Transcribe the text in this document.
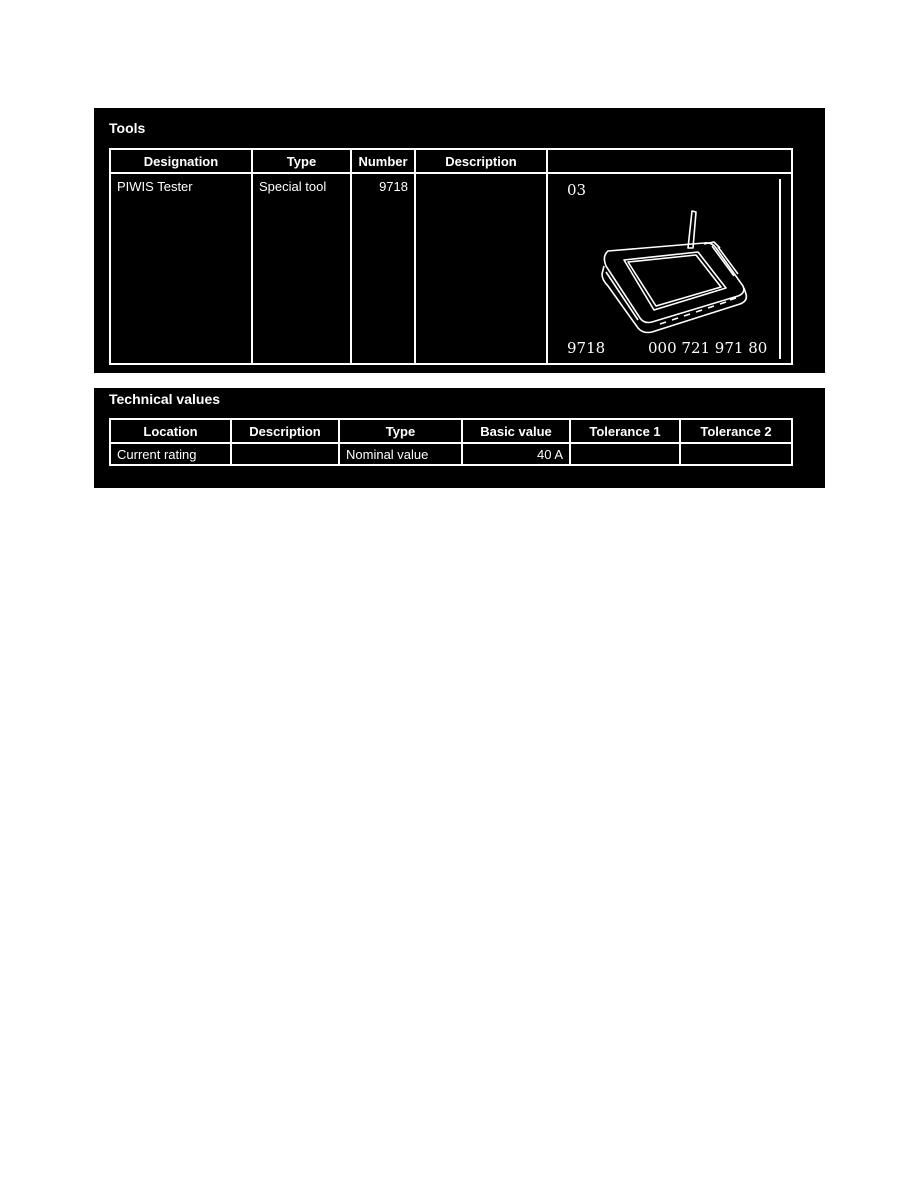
Tools
Designation	Type	Number	Description	
PIWIS Tester	Special tool	9718		03
9718 000 721 971 80
Technical values
Location	Description	Type	Basic value	Tolerance 1	Tolerance 2
Current rating		Nominal value	40 A		
